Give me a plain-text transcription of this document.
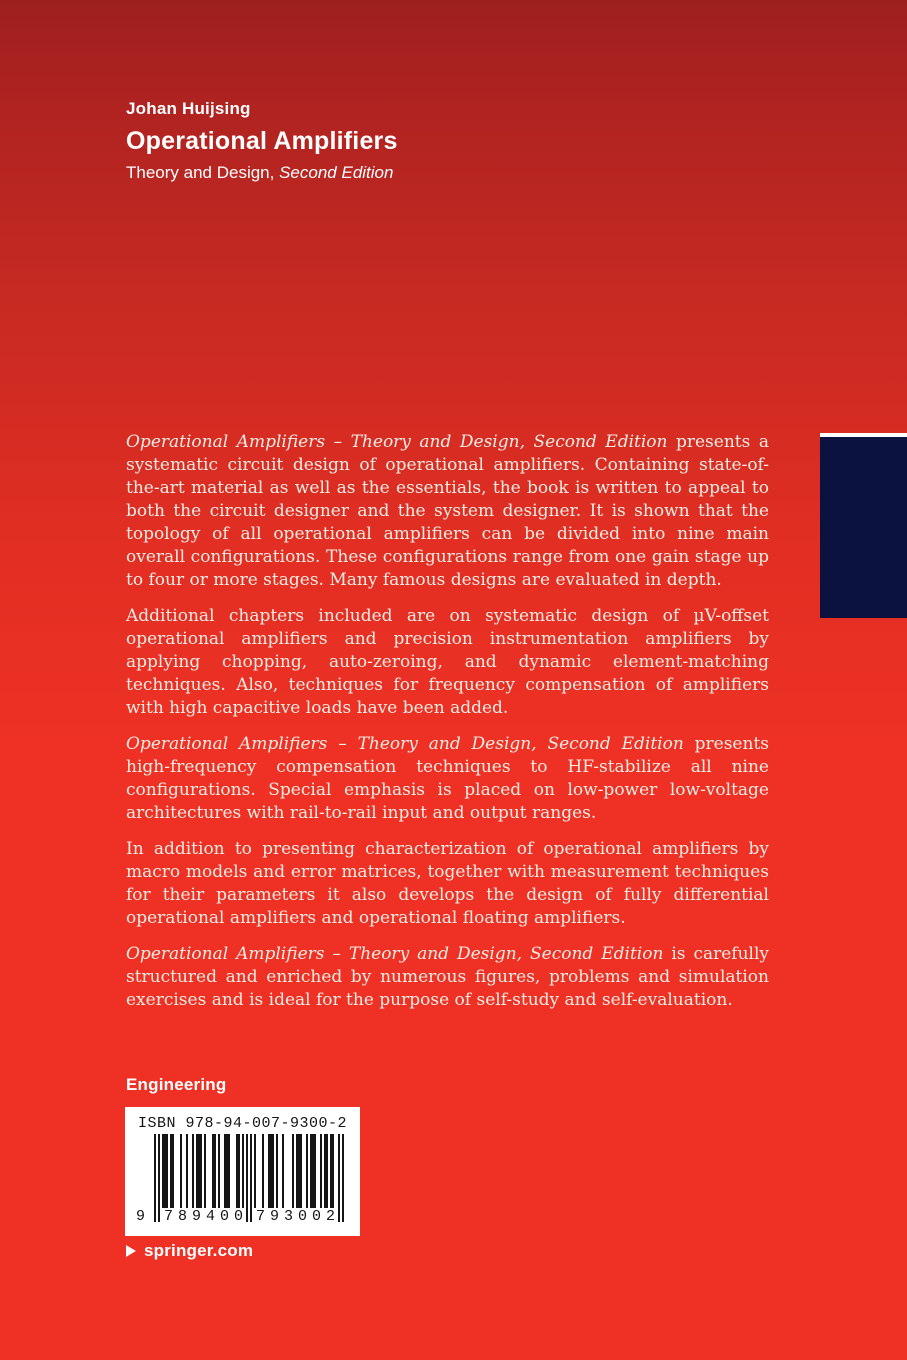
Johan Huijsing
Operational Amplifiers
Theory and Design, Second Edition

Operational Amplifiers – Theory and Design, Second Edition presents a systematic circuit design of operational amplifiers. Containing state-of-the-art material as well as the essentials, the book is written to appeal to both the circuit designer and the system designer. It is shown that the topology of all operational amplifiers can be divided into nine main overall configurations. These configurations range from one gain stage up to four or more stages. Many famous designs are evaluated in depth.

Additional chapters included are on systematic design of µV-offset operational amplifiers and precision instrumentation amplifiers by applying chopping, auto-zeroing, and dynamic element-matching techniques. Also, techniques for frequency compensation of amplifiers with high capacitive loads have been added.

Operational Amplifiers – Theory and Design, Second Edition presents high-frequency compensation techniques to HF-stabilize all nine configurations. Special emphasis is placed on low-power low-voltage architectures with rail-to-rail input and output ranges.

In addition to presenting characterization of operational amplifiers by macro models and error matrices, together with measurement techniques for their parameters it also develops the design of fully differential operational amplifiers and operational floating amplifiers.

Operational Amplifiers – Theory and Design, Second Edition is carefully structured and enriched by numerous figures, problems and simulation exercises and is ideal for the purpose of self-study and self-evaluation.

Engineering
ISBN 978-94-007-9300-2
9 789400 793002
springer.com
